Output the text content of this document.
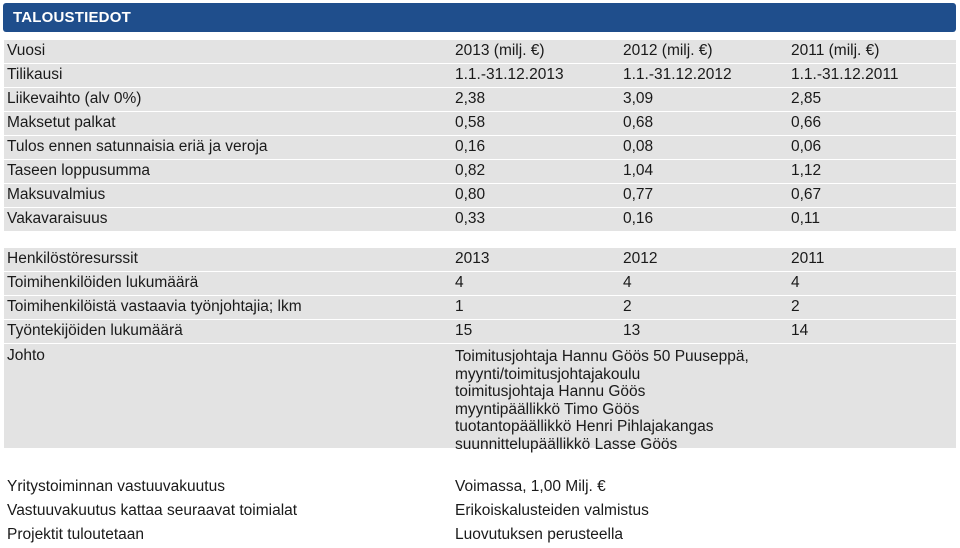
TALOUSTIEDOT
Vuosi	2013 (milj. €)	2012 (milj. €)	2011 (milj. €)
Tilikausi	1.1.-31.12.2013	1.1.-31.12.2012	1.1.-31.12.2011
Liikevaihto (alv 0%)	2,38	3,09	2,85
Maksetut palkat	0,58	0,68	0,66
Tulos ennen satunnaisia eriä ja veroja	0,16	0,08	0,06
Taseen loppusumma	0,82	1,04	1,12
Maksuvalmius	0,80	0,77	0,67
Vakavaraisuus	0,33	0,16	0,11
Henkilöstöresurssit	2013	2012	2011
Toimihenkilöiden lukumäärä	4	4	4
Toimihenkilöistä vastaavia työnjohtajia; lkm	1	2	2
Työntekijöiden lukumäärä	15	13	14
Johto	Toimitusjohtaja Hannu Göös 50 Puuseppä,
myynti/toimitusjohtajakoulu
toimitusjohtaja Hannu Göös
myyntipäällikkö Timo Göös
tuotantopäällikkö Henri Pihlajakangas
suunnittelupäällikkö Lasse Göös
Yritystoiminnan vastuuvakuutus	Voimassa, 1,00 Milj. €
Vastuuvakuutus kattaa seuraavat toimialat	Erikoiskalusteiden valmistus
Projektit tuloutetaan	Luovutuksen perusteella
